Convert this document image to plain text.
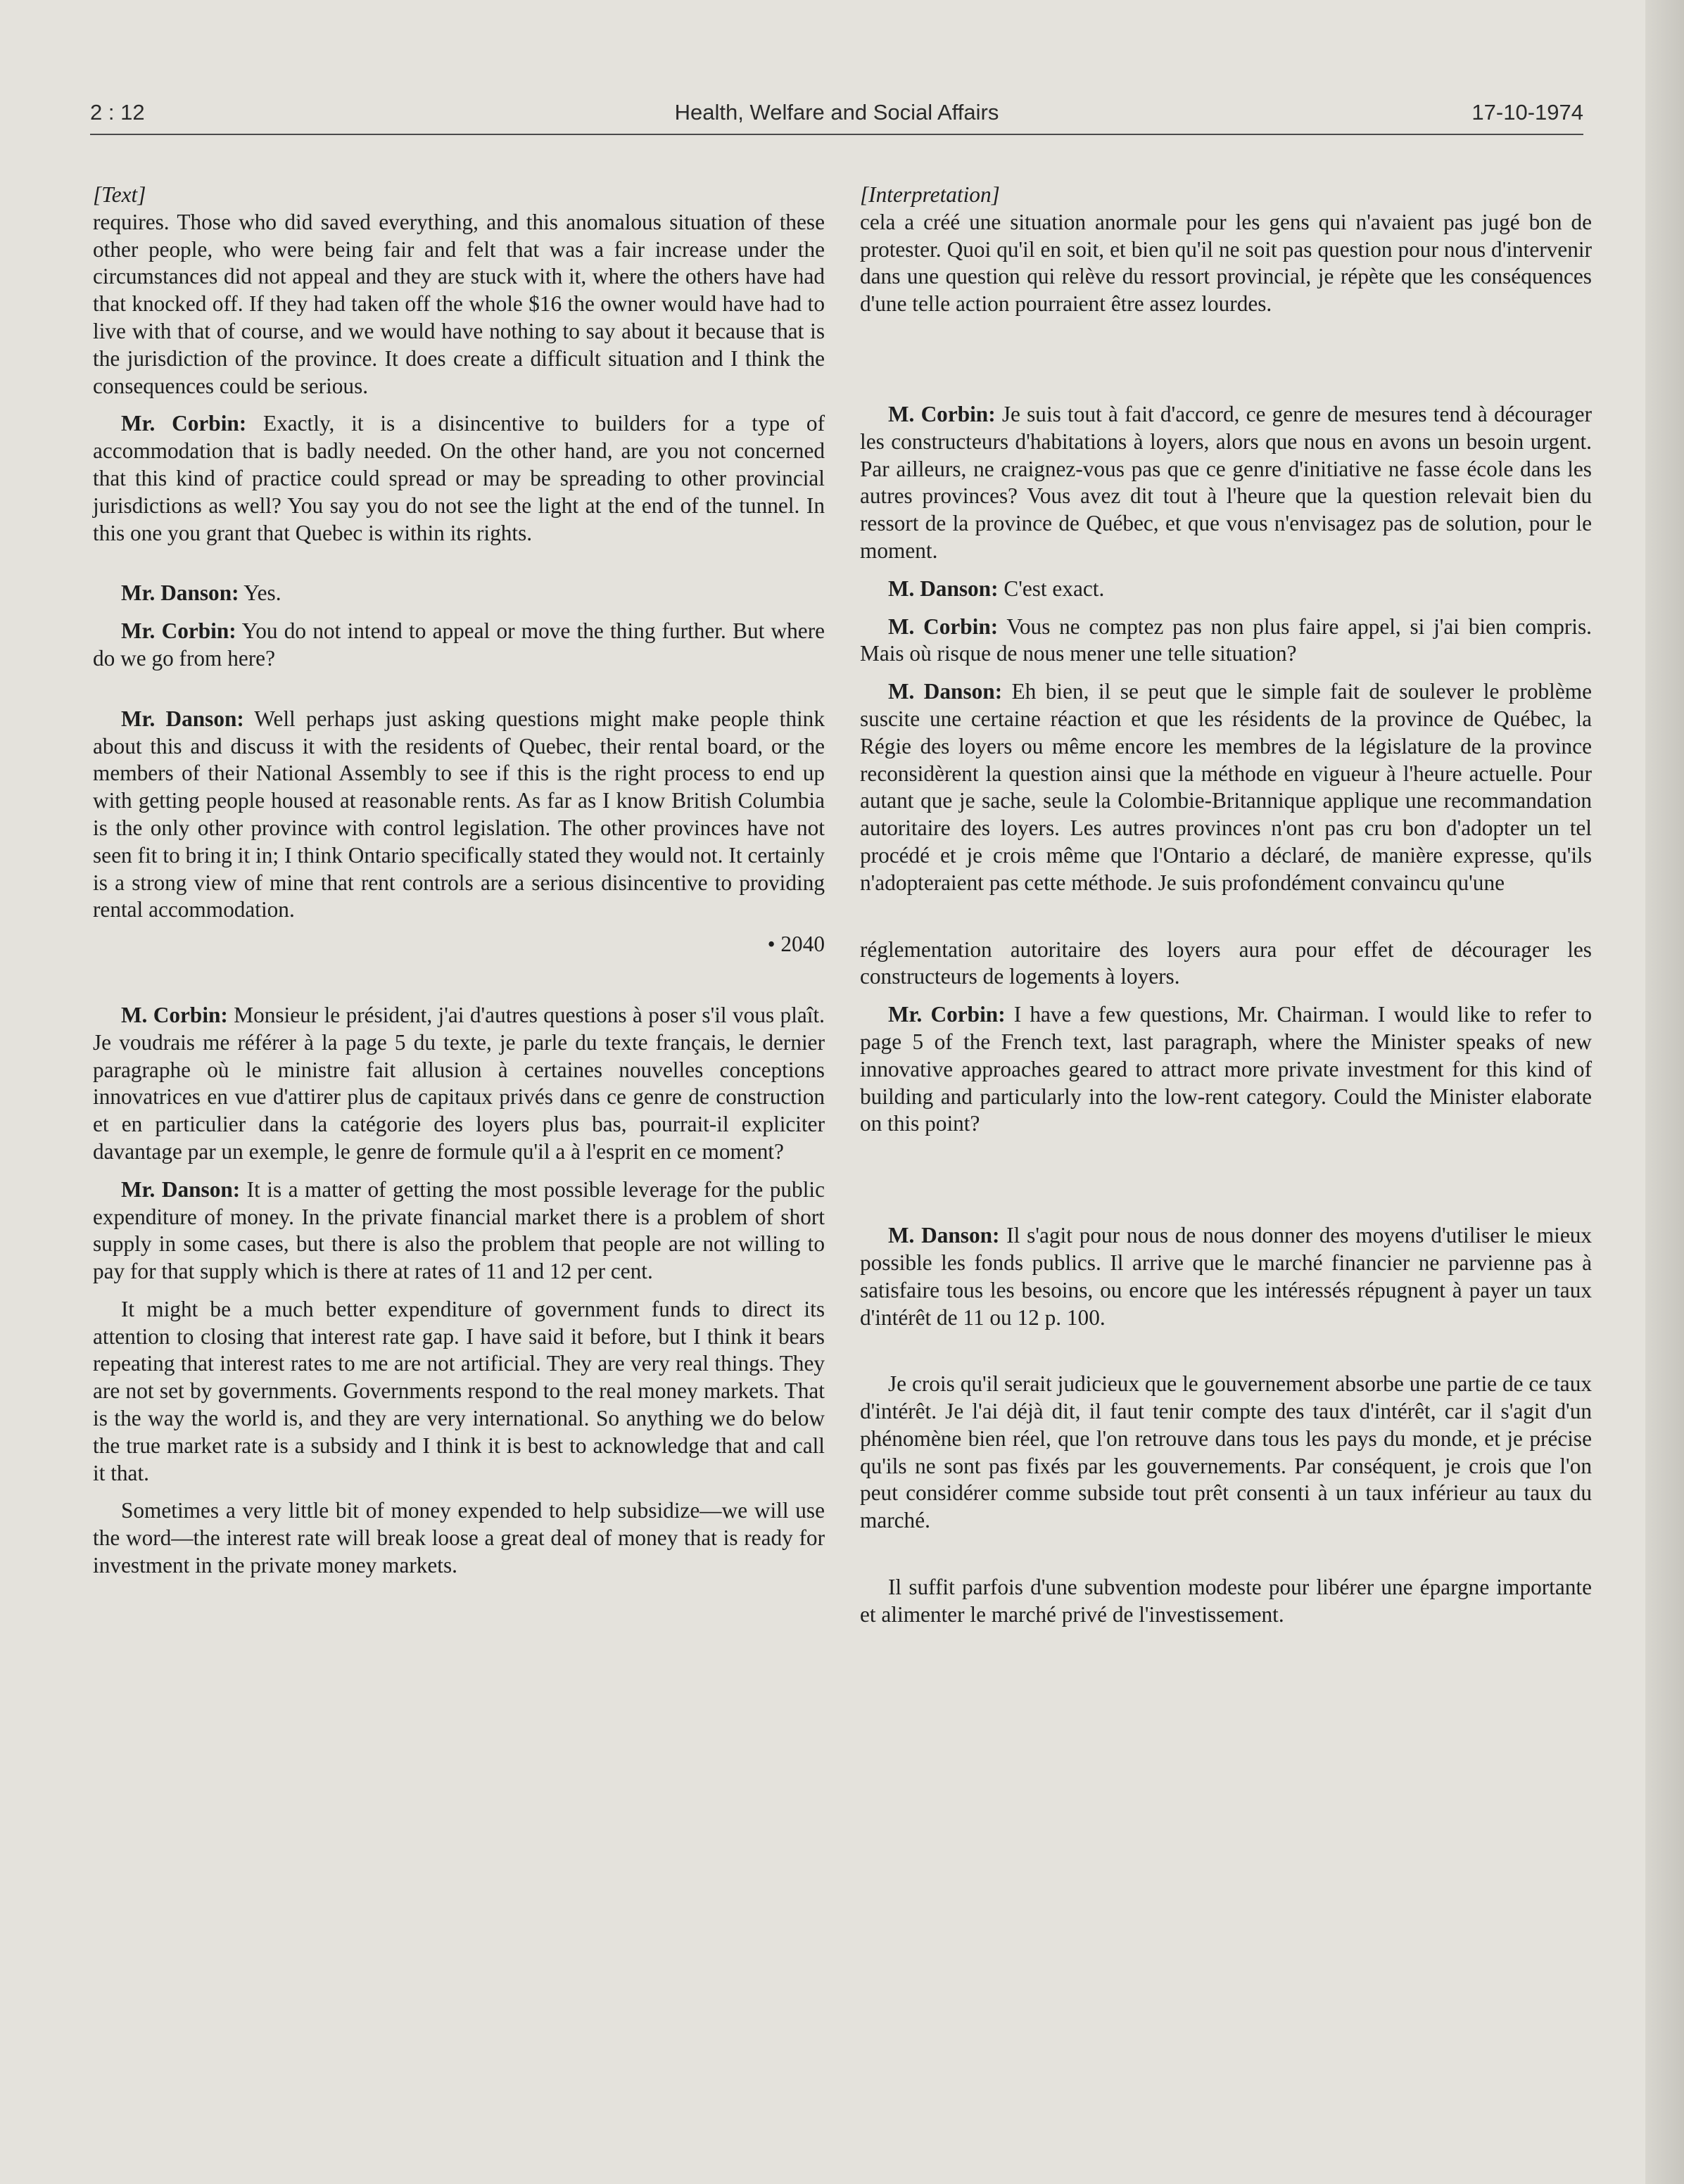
2 : 12	Health, Welfare and Social Affairs	17-10-1974

[Text]

requires. Those who did saved everything, and this anomalous situation of these other people, who were being fair and felt that was a fair increase under the circumstances did not appeal and they are stuck with it, where the others have had that knocked off. If they had taken off the whole $16 the owner would have had to live with that of course, and we would have nothing to say about it because that is the jurisdiction of the province. It does create a difficult situation and I think the consequences could be serious.

Mr. Corbin: Exactly, it is a disincentive to builders for a type of accommodation that is badly needed. On the other hand, are you not concerned that this kind of practice could spread or may be spreading to other provincial jurisdictions as well? You say you do not see the light at the end of the tunnel. In this one you grant that Quebec is within its rights.

Mr. Danson: Yes.

Mr. Corbin: You do not intend to appeal or move the thing further. But where do we go from here?

Mr. Danson: Well perhaps just asking questions might make people think about this and discuss it with the residents of Quebec, their rental board, or the members of their National Assembly to see if this is the right process to end up with getting people housed at reasonable rents. As far as I know British Columbia is the only other province with control legislation. The other provinces have not seen fit to bring it in; I think Ontario specifically stated they would not. It certainly is a strong view of mine that rent controls are a serious disincentive to providing rental accommodation.

• 2040

M. Corbin: Monsieur le président, j'ai d'autres questions à poser s'il vous plaît. Je voudrais me référer à la page 5 du texte, je parle du texte français, le dernier paragraphe où le ministre fait allusion à certaines nouvelles conceptions innovatrices en vue d'attirer plus de capitaux privés dans ce genre de construction et en particulier dans la catégorie des loyers plus bas, pourrait-il expliciter davantage par un exemple, le genre de formule qu'il a à l'esprit en ce moment?

Mr. Danson: It is a matter of getting the most possible leverage for the public expenditure of money. In the private financial market there is a problem of short supply in some cases, but there is also the problem that people are not willing to pay for that supply which is there at rates of 11 and 12 per cent.

It might be a much better expenditure of government funds to direct its attention to closing that interest rate gap. I have said it before, but I think it bears repeating that interest rates to me are not artificial. They are very real things. They are not set by governments. Governments respond to the real money markets. That is the way the world is, and they are very international. So anything we do below the true market rate is a subsidy and I think it is best to acknowledge that and call it that.

Sometimes a very little bit of money expended to help subsidize—we will use the word—the interest rate will break loose a great deal of money that is ready for investment in the private money markets.

[Interpretation]

cela a créé une situation anormale pour les gens qui n'avaient pas jugé bon de protester. Quoi qu'il en soit, et bien qu'il ne soit pas question pour nous d'intervenir dans une question qui relève du ressort provincial, je répète que les conséquences d'une telle action pourraient être assez lourdes.

M. Corbin: Je suis tout à fait d'accord, ce genre de mesures tend à décourager les constructeurs d'habitations à loyers, alors que nous en avons un besoin urgent. Par ailleurs, ne craignez-vous pas que ce genre d'initiative ne fasse école dans les autres provinces? Vous avez dit tout à l'heure que la question relevait bien du ressort de la province de Québec, et que vous n'envisagez pas de solution, pour le moment.

M. Danson: C'est exact.

M. Corbin: Vous ne comptez pas non plus faire appel, si j'ai bien compris. Mais où risque de nous mener une telle situation?

M. Danson: Eh bien, il se peut que le simple fait de soulever le problème suscite une certaine réaction et que les résidents de la province de Québec, la Régie des loyers ou même encore les membres de la législature de la province reconsidèrent la question ainsi que la méthode en vigueur à l'heure actuelle. Pour autant que je sache, seule la Colombie-Britannique applique une recommandation autoritaire des loyers. Les autres provinces n'ont pas cru bon d'adopter un tel procédé et je crois même que l'Ontario a déclaré, de manière expresse, qu'ils n'adopteraient pas cette méthode. Je suis profondément convaincu qu'une

réglementation autoritaire des loyers aura pour effet de décourager les constructeurs de logements à loyers.

Mr. Corbin: I have a few questions, Mr. Chairman. I would like to refer to page 5 of the French text, last paragraph, where the Minister speaks of new innovative approaches geared to attract more private investment for this kind of building and particularly into the low-rent category. Could the Minister elaborate on this point?

M. Danson: Il s'agit pour nous de nous donner des moyens d'utiliser le mieux possible les fonds publics. Il arrive que le marché financier ne parvienne pas à satisfaire tous les besoins, ou encore que les intéressés répugnent à payer un taux d'intérêt de 11 ou 12 p. 100.

Je crois qu'il serait judicieux que le gouvernement absorbe une partie de ce taux d'intérêt. Je l'ai déjà dit, il faut tenir compte des taux d'intérêt, car il s'agit d'un phénomène bien réel, que l'on retrouve dans tous les pays du monde, et je précise qu'ils ne sont pas fixés par les gouvernements. Par conséquent, je crois que l'on peut considérer comme subside tout prêt consenti à un taux inférieur au taux du marché.

Il suffit parfois d'une subvention modeste pour libérer une épargne importante et alimenter le marché privé de l'investissement.
